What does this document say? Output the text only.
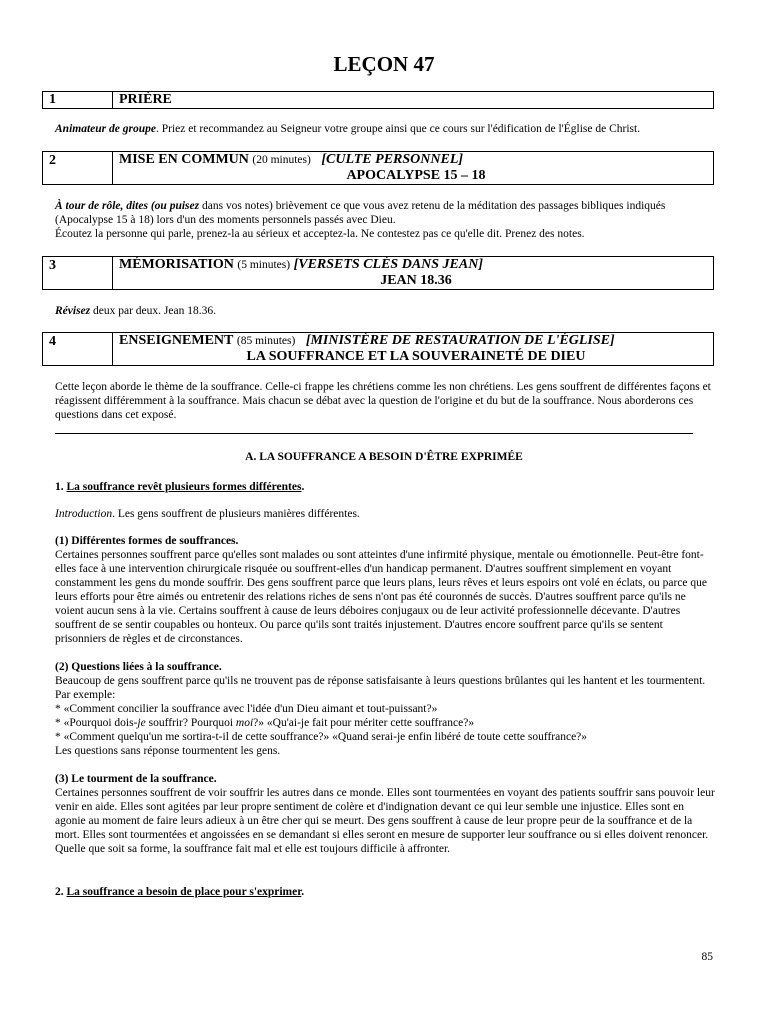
LEÇON 47
1	PRIÈRE

Animateur de groupe. Priez et recommandez au Seigneur votre groupe ainsi que ce cours sur l'édification de l'Église de Christ.

2	MISE EN COMMUN (20 minutes) [CULTE PERSONNEL]
APOCALYPSE 15 – 18

À tour de rôle, dites (ou puisez dans vos notes) brièvement ce que vous avez retenu de la méditation des passages bibliques indiqués (Apocalypse 15 à 18) lors d'un des moments personnels passés avec Dieu.

Écoutez la personne qui parle, prenez-la au sérieux et acceptez-la. Ne contestez pas ce qu'elle dit. Prenez des notes.

3	MÉMORISATION (5 minutes) [VERSETS CLÉS DANS JEAN]
JEAN 18.36

Révisez deux par deux. Jean 18.36.

4	ENSEIGNEMENT (85 minutes) [MINISTÈRE DE RESTAURATION DE L'ÉGLISE]
LA SOUFFRANCE ET LA SOUVERAINETÉ DE DIEU

Cette leçon aborde le thème de la souffrance. Celle-ci frappe les chrétiens comme les non chrétiens. Les gens souffrent de différentes façons et réagissent différemment à la souffrance. Mais chacun se débat avec la question de l'origine et du but de la souffrance. Nous aborderons ces questions dans cet exposé.

A. LA SOUFFRANCE A BESOIN D'ÊTRE EXPRIMÉE

1. La souffrance revêt plusieurs formes différentes.

Introduction. Les gens souffrent de plusieurs manières différentes.

(1) Différentes formes de souffrances.

Certaines personnes souffrent parce qu'elles sont malades ou sont atteintes d'une infirmité physique, mentale ou émotionnelle. Peut-être font-elles face à une intervention chirurgicale risquée ou souffrent-elles d'un handicap permanent. D'autres souffrent simplement en voyant constamment les gens du monde souffrir. Des gens souffrent parce que leurs plans, leurs rêves et leurs espoirs ont volé en éclats, ou parce que leurs efforts pour être aimés ou entretenir des relations riches de sens n'ont pas été couronnés de succès. D'autres souffrent parce qu'ils ne voient aucun sens à la vie. Certains souffrent à cause de leurs déboires conjugaux ou de leur activité professionnelle décevante. D'autres souffrent de se sentir coupables ou honteux. Ou parce qu'ils sont traités injustement. D'autres encore souffrent parce qu'ils se sentent prisonniers de règles et de circonstances.

(2) Questions liées à la souffrance.

Beaucoup de gens souffrent parce qu'ils ne trouvent pas de réponse satisfaisante à leurs questions brûlantes qui les hantent et les tourmentent. Par exemple:

* «Comment concilier la souffrance avec l'idée d'un Dieu aimant et tout-puissant?»

* «Pourquoi dois-je souffrir? Pourquoi moi?» «Qu'ai-je fait pour mériter cette souffrance?»

* «Comment quelqu'un me sortira-t-il de cette souffrance?» «Quand serai-je enfin libéré de toute cette souffrance?»

Les questions sans réponse tourmentent les gens.

(3) Le tourment de la souffrance.

Certaines personnes souffrent de voir souffrir les autres dans ce monde. Elles sont tourmentées en voyant des patients souffrir sans pouvoir leur venir en aide. Elles sont agitées par leur propre sentiment de colère et d'indignation devant ce qui leur semble une injustice. Elles sont en agonie au moment de faire leurs adieux à un être cher qui se meurt. Des gens souffrent à cause de leur propre peur de la souffrance et de la mort. Elles sont tourmentées et angoissées en se demandant si elles seront en mesure de supporter leur souffrance ou si elles doivent renoncer. Quelle que soit sa forme, la souffrance fait mal et elle est toujours difficile à affronter.

2. La souffrance a besoin de place pour s'exprimer.

85
